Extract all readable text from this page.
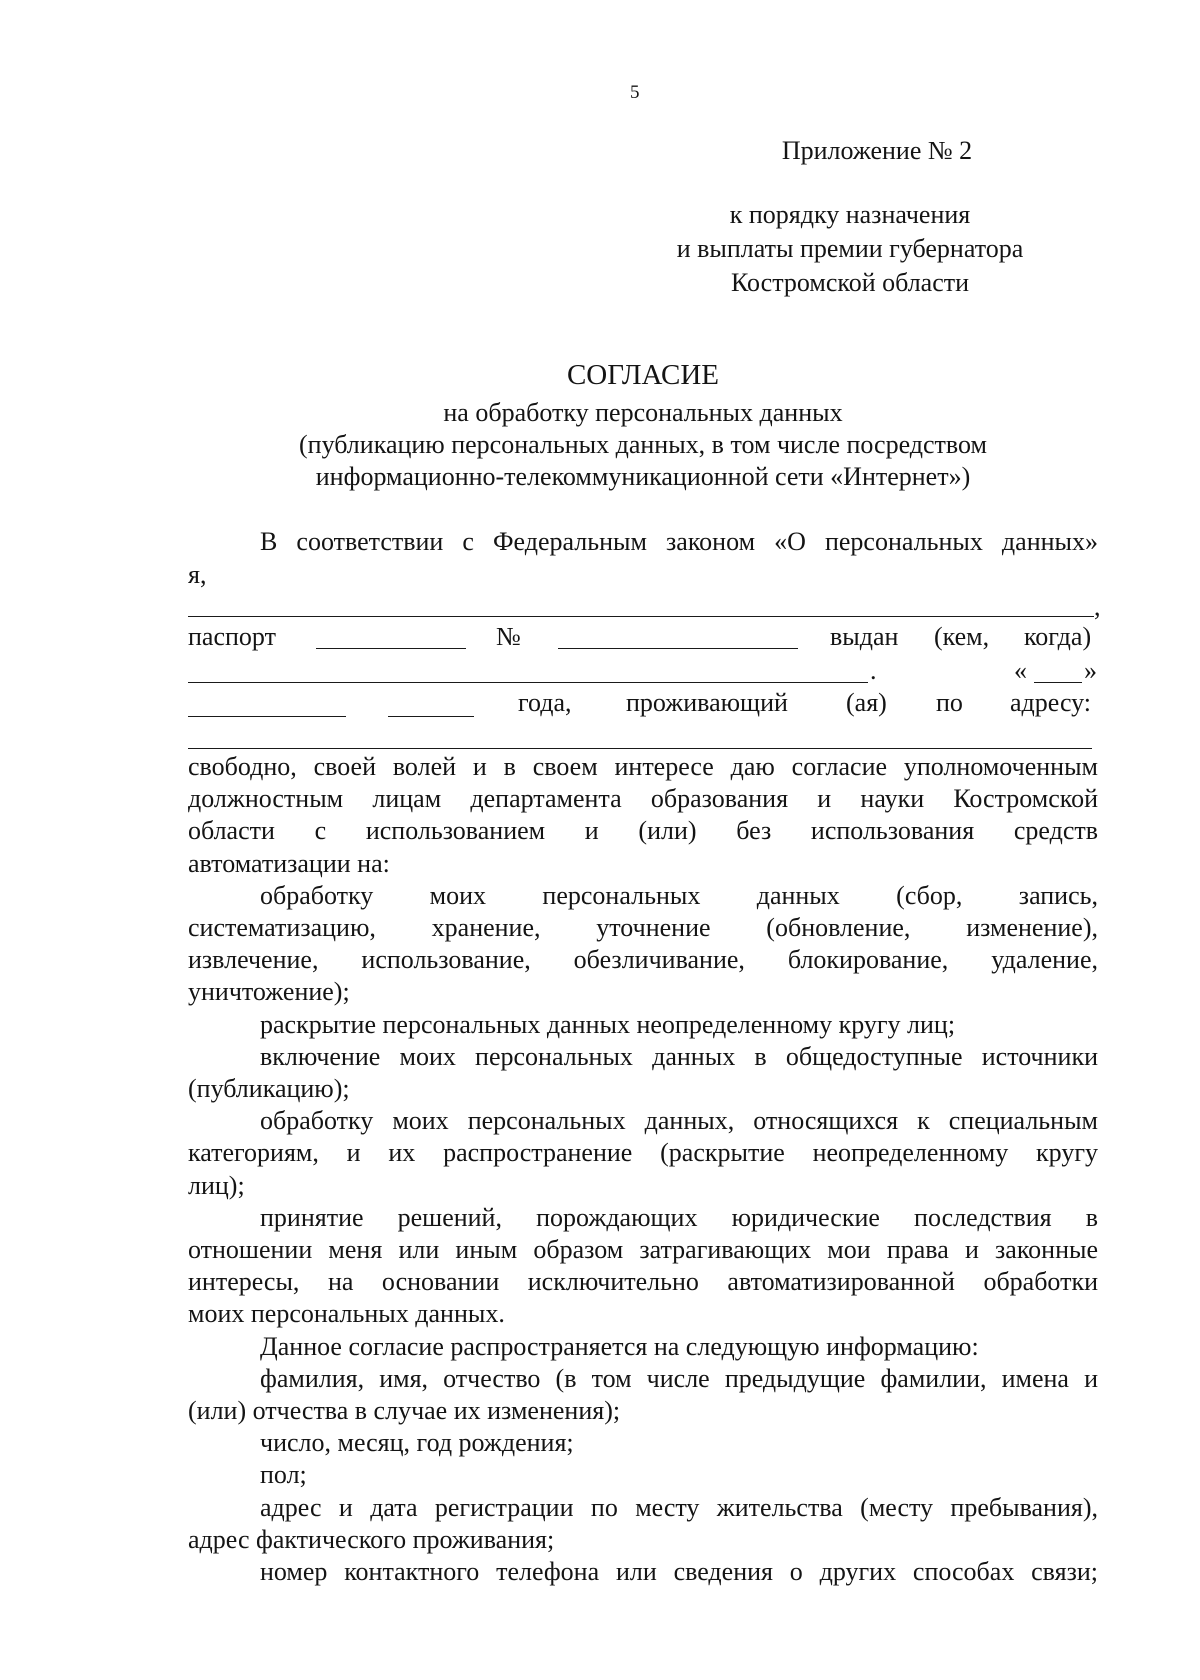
5
Приложение № 2
к порядку назначения
и выплаты премии губернатора
Костромской области
СОГЛАСИЕ
на обработку персональных данных
(публикацию персональных данных, в том числе посредством
информационно-телекоммуникационной сети «Интернет»)
В соответствии с Федеральным законом «О персональных данных»
я,
,
паспорт	№	выдан (кем, когда)
.	« »
года, проживающий (ая) по адресу:
свободно, своей волей и в своем интересе даю согласие уполномоченным
должностным лицам департамента образования и науки Костромской
области с использованием и (или) без использования средств
автоматизации на:
обработку моих персональных данных (сбор, запись,
систематизацию, хранение, уточнение (обновление, изменение),
извлечение, использование, обезличивание, блокирование, удаление,
уничтожение);
раскрытие персональных данных неопределенному кругу лиц;
включение моих персональных данных в общедоступные источники
(публикацию);
обработку моих персональных данных, относящихся к специальным
категориям, и их распространение (раскрытие неопределенному кругу
лиц);
принятие решений, порождающих юридические последствия в
отношении меня или иным образом затрагивающих мои права и законные
интересы, на основании исключительно автоматизированной обработки
моих персональных данных.
Данное согласие распространяется на следующую информацию:
фамилия, имя, отчество (в том числе предыдущие фамилии, имена и
(или) отчества в случае их изменения);
число, месяц, год рождения;
пол;
адрес и дата регистрации по месту жительства (месту пребывания),
адрес фактического проживания;
номер контактного телефона или сведения о других способах связи;
